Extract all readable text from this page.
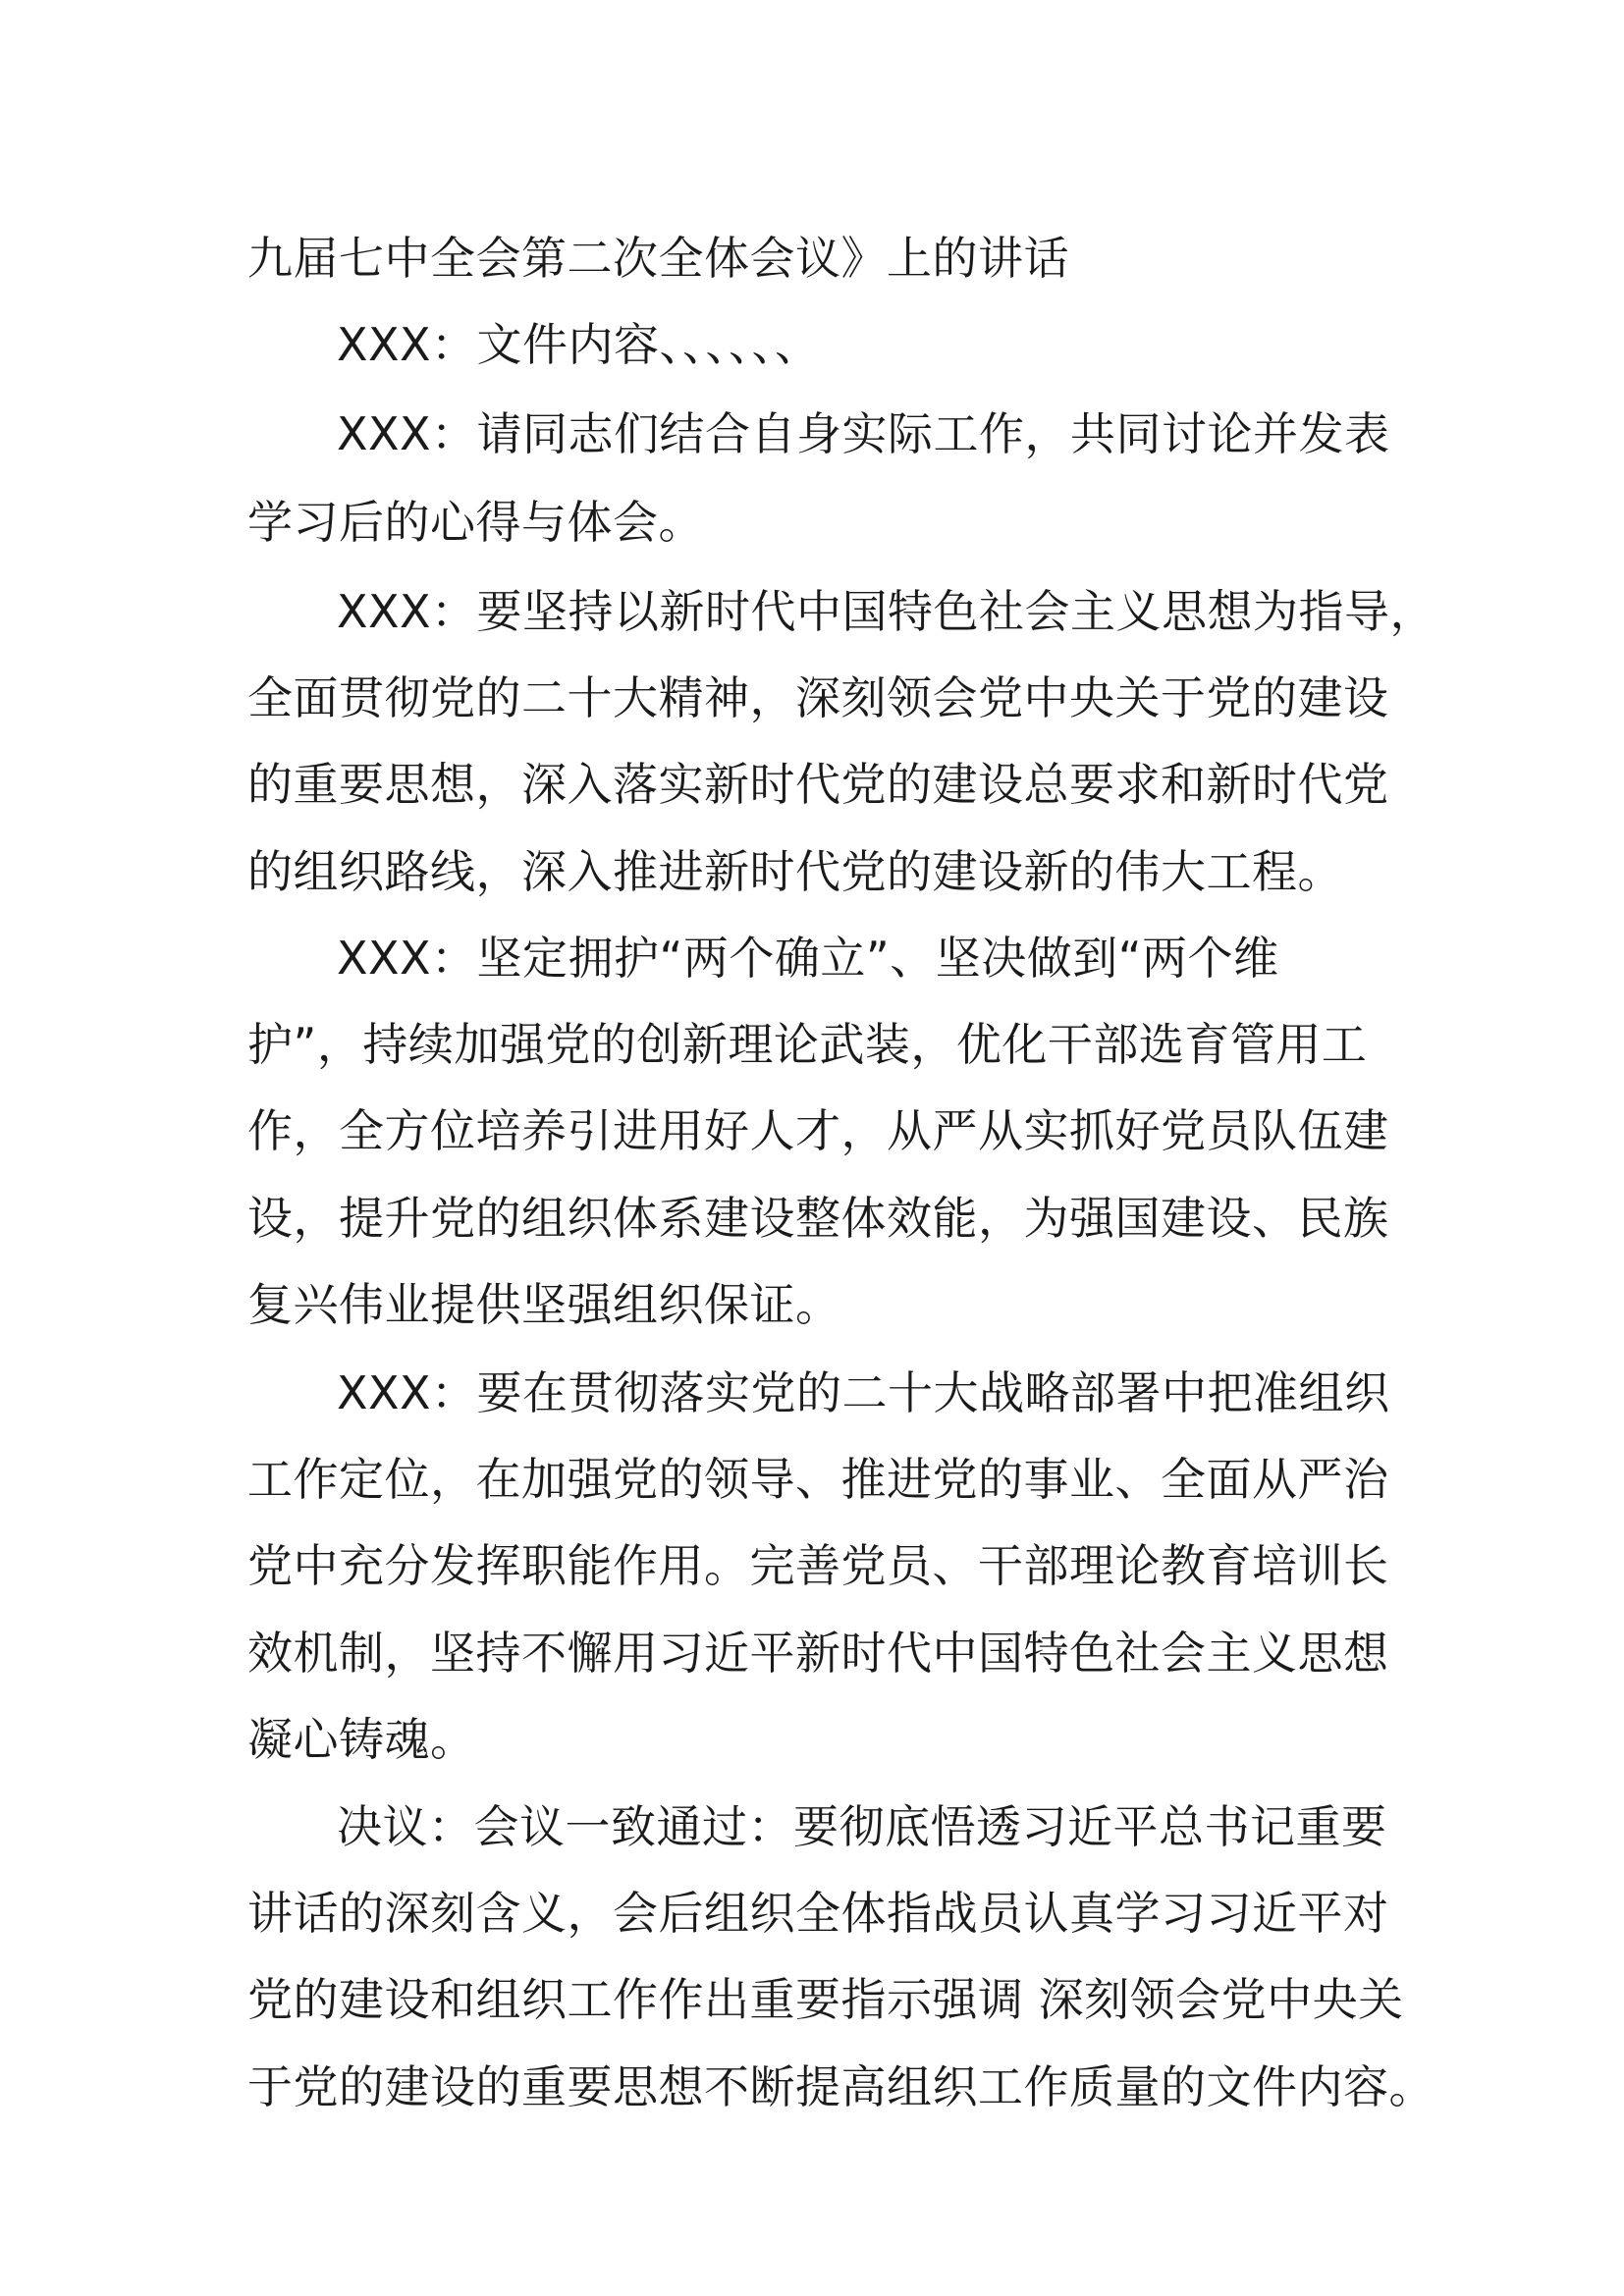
九届七中全会第二次全体会议》上的讲话

XXX：文件内容、、、、、、

XXX：请同志们结合自身实际工作，共同讨论并发表

学习后的心得与体会。

XXX：要坚持以新时代中国特色社会主义思想为指导，

全面贯彻党的二十大精神，深刻领会党中央关于党的建设

的重要思想，深入落实新时代党的建设总要求和新时代党

的组织路线，深入推进新时代党的建设新的伟大工程。

XXX：坚定拥护“两个确立”、坚决做到“两个维

护”，持续加强党的创新理论武装，优化干部选育管用工

作，全方位培养引进用好人才，从严从实抓好党员队伍建

设，提升党的组织体系建设整体效能，为强国建设、民族

复兴伟业提供坚强组织保证。

XXX：要在贯彻落实党的二十大战略部署中把准组织

工作定位，在加强党的领导、推进党的事业、全面从严治

党中充分发挥职能作用。完善党员、干部理论教育培训长

效机制，坚持不懈用习近平新时代中国特色社会主义思想

凝心铸魂。

决议：会议一致通过：要彻底悟透习近平总书记重要

讲话的深刻含义，会后组织全体指战员认真学习习近平对

党的建设和组织工作作出重要指示强调 深刻领会党中央关

于党的建设的重要思想不断提高组织工作质量的文件内容。
